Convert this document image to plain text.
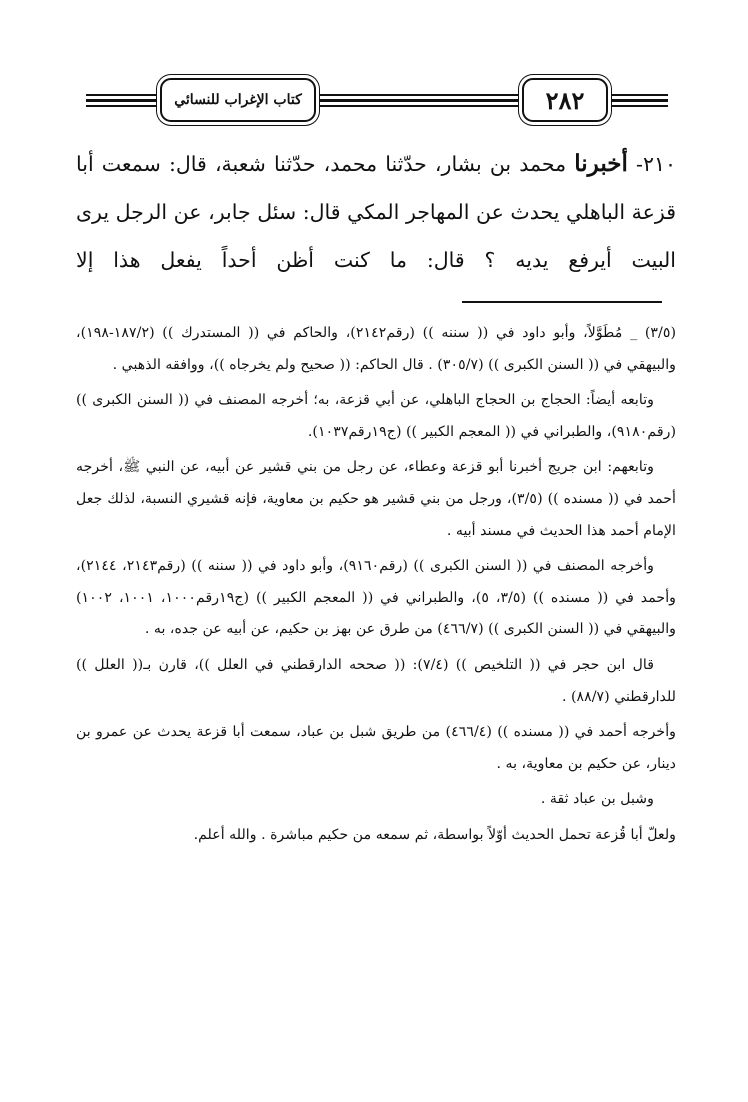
كتاب الإغراب للنسائي	٢٨٢

٢١٠- أخبرنا محمد بن بشار، حدّثنا محمد، حدّثنا شعبة، قال: سمعت أبا قزعة الباهلي يحدث عن المهاجر المكي قال: سئل جابر، عن الرجل يرى البيت أيرفع يديه ؟ قال: ما كنت أظن أحداً يفعل هذا إلا

(٣/٥) _ مُطَوَّلاً، وأبو داود في (( سننه )) (رقم٢١٤٢)، والحاكم في (( المستدرك )) (١٨٧/٢-١٩٨)، والبيهقي في (( السنن الكبرى )) (٣٠٥/٧) . قال الحاكم: (( صحيح ولم يخرجاه ))، ووافقه الذهبي .

وتابعه أيضاً: الحجاج بن الحجاج الباهلي، عن أبي قزعة، به؛ أخرجه المصنف في (( السنن الكبرى )) (رقم٩١٨٠)، والطبراني في (( المعجم الكبير )) (ج١٩رقم١٠٣٧).

وتابعهم: ابن جريج أخبرنا أبو قزعة وعطاء، عن رجل من بني قشير عن أبيه، عن النبي ﷺ، أخرجه أحمد في (( مسنده )) (٣/٥)، ورجل من بني قشير هو حكيم بن معاوية، فإنه قشيري النسبة، لذلك جعل الإمام أحمد هذا الحديث في مسند أبيه .

وأخرجه المصنف في (( السنن الكبرى )) (رقم٩١٦٠)، وأبو داود في (( سننه )) (رقم٢١٤٣، ٢١٤٤)، وأحمد في (( مسنده )) (٣/٥، ٥)، والطبراني في (( المعجم الكبير )) (ج١٩رقم١٠٠٠، ١٠٠١، ١٠٠٢) والبيهقي في (( السنن الكبرى )) (٤٦٦/٧) من طرق عن بهز بن حكيم، عن أبيه عن جده، به .

قال ابن حجر في (( التلخيص )) (٧/٤): (( صححه الدارقطني في العلل ))، قارن بـ(( العلل )) للدارقطني (٨٨/٧) .

وأخرجه أحمد في (( مسنده )) (٤٦٦/٤) من طريق شبل بن عباد، سمعت أبا قزعة يحدث عن عمرو بن دينار، عن حكيم بن معاوية، به .

وشبل بن عباد ثقة .

ولعلّ أبا قُزعة تحمل الحديث أوّلاً بواسطة، ثم سمعه من حكيم مباشرة . والله أعلم.
